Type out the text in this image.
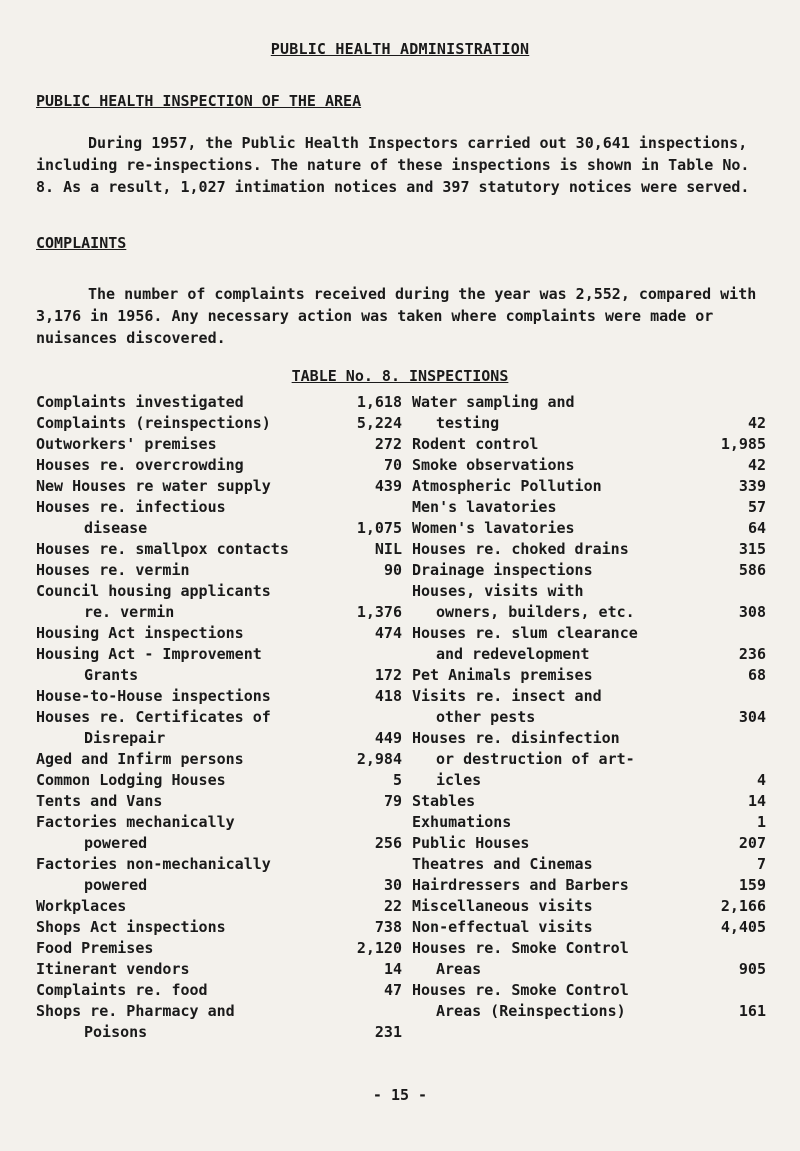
PUBLIC HEALTH ADMINISTRATION
PUBLIC HEALTH INSPECTION OF THE AREA
During 1957, the Public Health Inspectors carried out 30,641 inspections, including re-inspections. The nature of these inspections is shown in Table No. 8. As a result, 1,027 intimation notices and 397 statutory notices were served.
COMPLAINTS
The number of complaints received during the year was 2,552, compared with 3,176 in 1956. Any necessary action was taken where complaints were made or nuisances discovered.
TABLE No. 8. INSPECTIONS
Complaints investigated	1,618
Complaints (reinspections)	5,224
Outworkers' premises	272
Houses re. overcrowding	70
New Houses re water supply	439
Houses re. infectious
disease	1,075
Houses re. smallpox contacts	NIL
Houses re. vermin	90
Council housing applicants
re. vermin	1,376
Housing Act inspections	474
Housing Act - Improvement
Grants	172
House-to-House inspections	418
Houses re. Certificates of
Disrepair	449
Aged and Infirm persons	2,984
Common Lodging Houses	5
Tents and Vans	79
Factories mechanically
powered	256
Factories non-mechanically
powered	30
Workplaces	22
Shops Act inspections	738
Food Premises	2,120
Itinerant vendors	14
Complaints re. food	47
Shops re. Pharmacy and
Poisons	231
Water sampling and
testing	42
Rodent control	1,985
Smoke observations	42
Atmospheric Pollution	339
Men's lavatories	57
Women's lavatories	64
Houses re. choked drains	315
Drainage inspections	586
Houses, visits with
owners, builders, etc.	308
Houses re. slum clearance
and redevelopment	236
Pet Animals premises	68
Visits re. insect and
other pests	304
Houses re. disinfection
or destruction of art-
icles	4
Stables	14
Exhumations	1
Public Houses	207
Theatres and Cinemas	7
Hairdressers and Barbers	159
Miscellaneous visits	2,166
Non-effectual visits	4,405
Houses re. Smoke Control
Areas	905
Houses re. Smoke Control
Areas (Reinspections)	161
- 15 -
